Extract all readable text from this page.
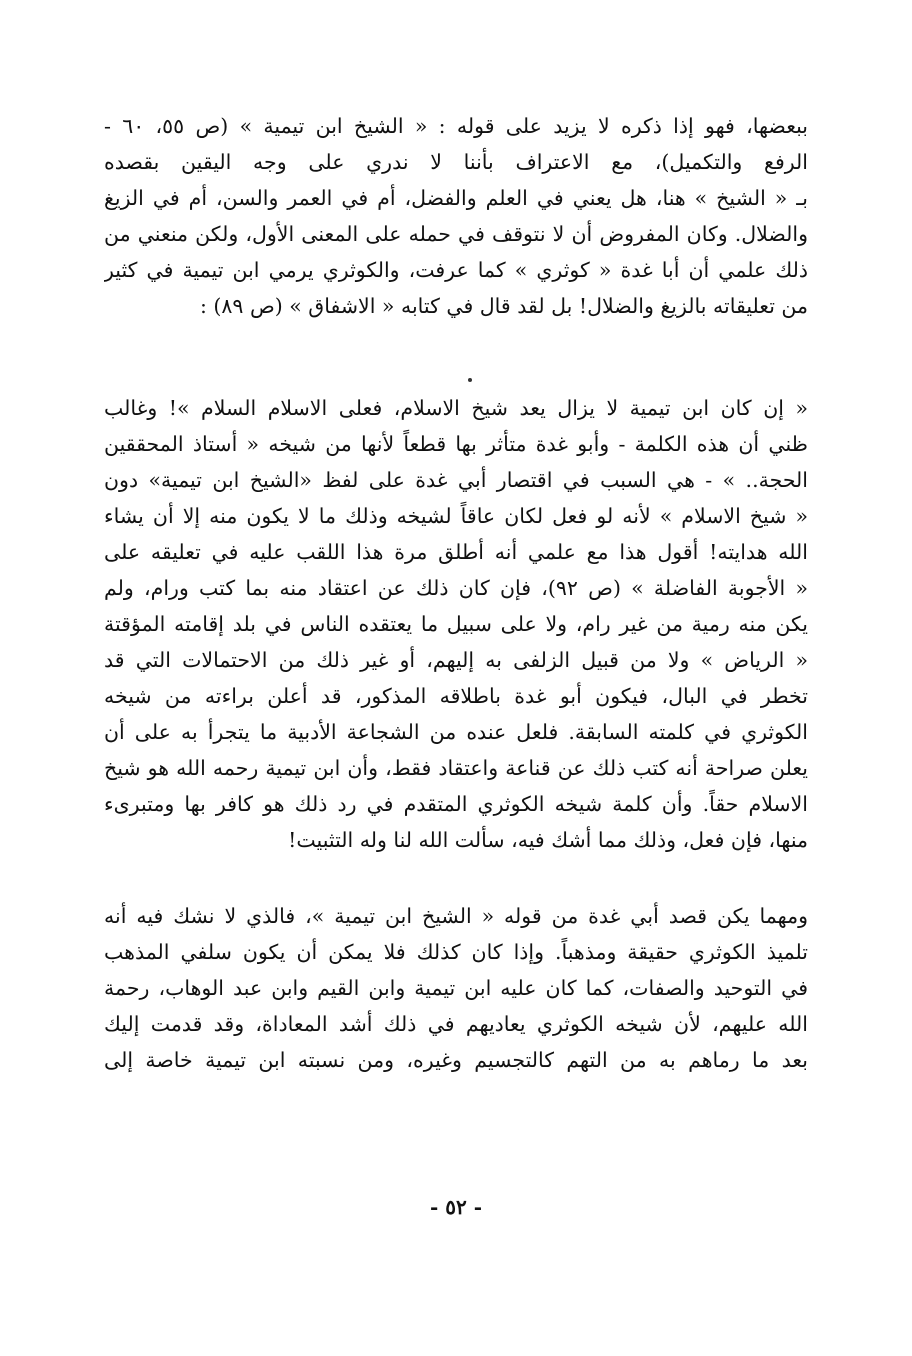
ببعضها، فهو إذا ذكره لا يزيد على قوله : « الشيخ ابن تيمية » (ص ٥٥، ٦٠ -
الرفع والتكميل)، مع الاعتراف بأننا لا ندري على وجه اليقين بقصده
بـ « الشيخ » هنا، هل يعني في العلم والفضل، أم في العمر والسن، أم في الزيغ
والضلال. وكان المفروض أن لا نتوقف في حمله على المعنى الأول، ولكن منعني من
ذلك علمي أن أبا غدة « كوثري » كما عرفت، والكوثري يرمي ابن تيمية في كثير
من تعليقاته بالزيغ والضلال! بل لقد قال في كتابه « الاشفاق » (ص ٨٩) :
« إن كان ابن تيمية لا يزال يعد شيخ الاسلام، فعلى الاسلام السلام »! وغالب
ظني أن هذه الكلمة - وأبو غدة متأثر بها قطعاً لأنها من شيخه « أستاذ المحققين
الحجة.. » - هي السبب في اقتصار أبي غدة على لفظ «الشيخ ابن تيمية» دون
« شيخ الاسلام » لأنه لو فعل لكان عاقاً لشيخه وذلك ما لا يكون منه إلا أن يشاء
الله هدايته! أقول هذا مع علمي أنه أطلق مرة هذا اللقب عليه في تعليقه على
« الأجوبة الفاضلة » (ص ٩٢)، فإن كان ذلك عن اعتقاد منه بما كتب ورام، ولم
يكن منه رمية من غير رام، ولا على سبيل ما يعتقده الناس في بلد إقامته المؤقتة
« الرياض » ولا من قبيل الزلفى به إليهم، أو غير ذلك من الاحتمالات التي قد
تخطر في البال، فيكون أبو غدة باطلاقه المذكور، قد أعلن براءته من شيخه
الكوثري في كلمته السابقة. فلعل عنده من الشجاعة الأدبية ما يتجرأ به على أن
يعلن صراحة أنه كتب ذلك عن قناعة واعتقاد فقط، وأن ابن تيمية رحمه الله هو شيخ
الاسلام حقاً. وأن كلمة شيخه الكوثري المتقدم في رد ذلك هو كافر بها ومتبرىء
منها، فإن فعل، وذلك مما أشك فيه، سألت الله لنا وله التثبيت!
ومهما يكن قصد أبي غدة من قوله « الشيخ ابن تيمية »، فالذي لا نشك فيه أنه
تلميذ الكوثري حقيقة ومذهباً. وإذا كان كذلك فلا يمكن أن يكون سلفي المذهب
في التوحيد والصفات، كما كان عليه ابن تيمية وابن القيم وابن عبد الوهاب، رحمة
الله عليهم، لأن شيخه الكوثري يعاديهم في ذلك أشد المعاداة، وقد قدمت إليك
بعد ما رماهم به من التهم كالتجسيم وغيره، ومن نسبته ابن تيمية خاصة إلى
- ٥٢ -
